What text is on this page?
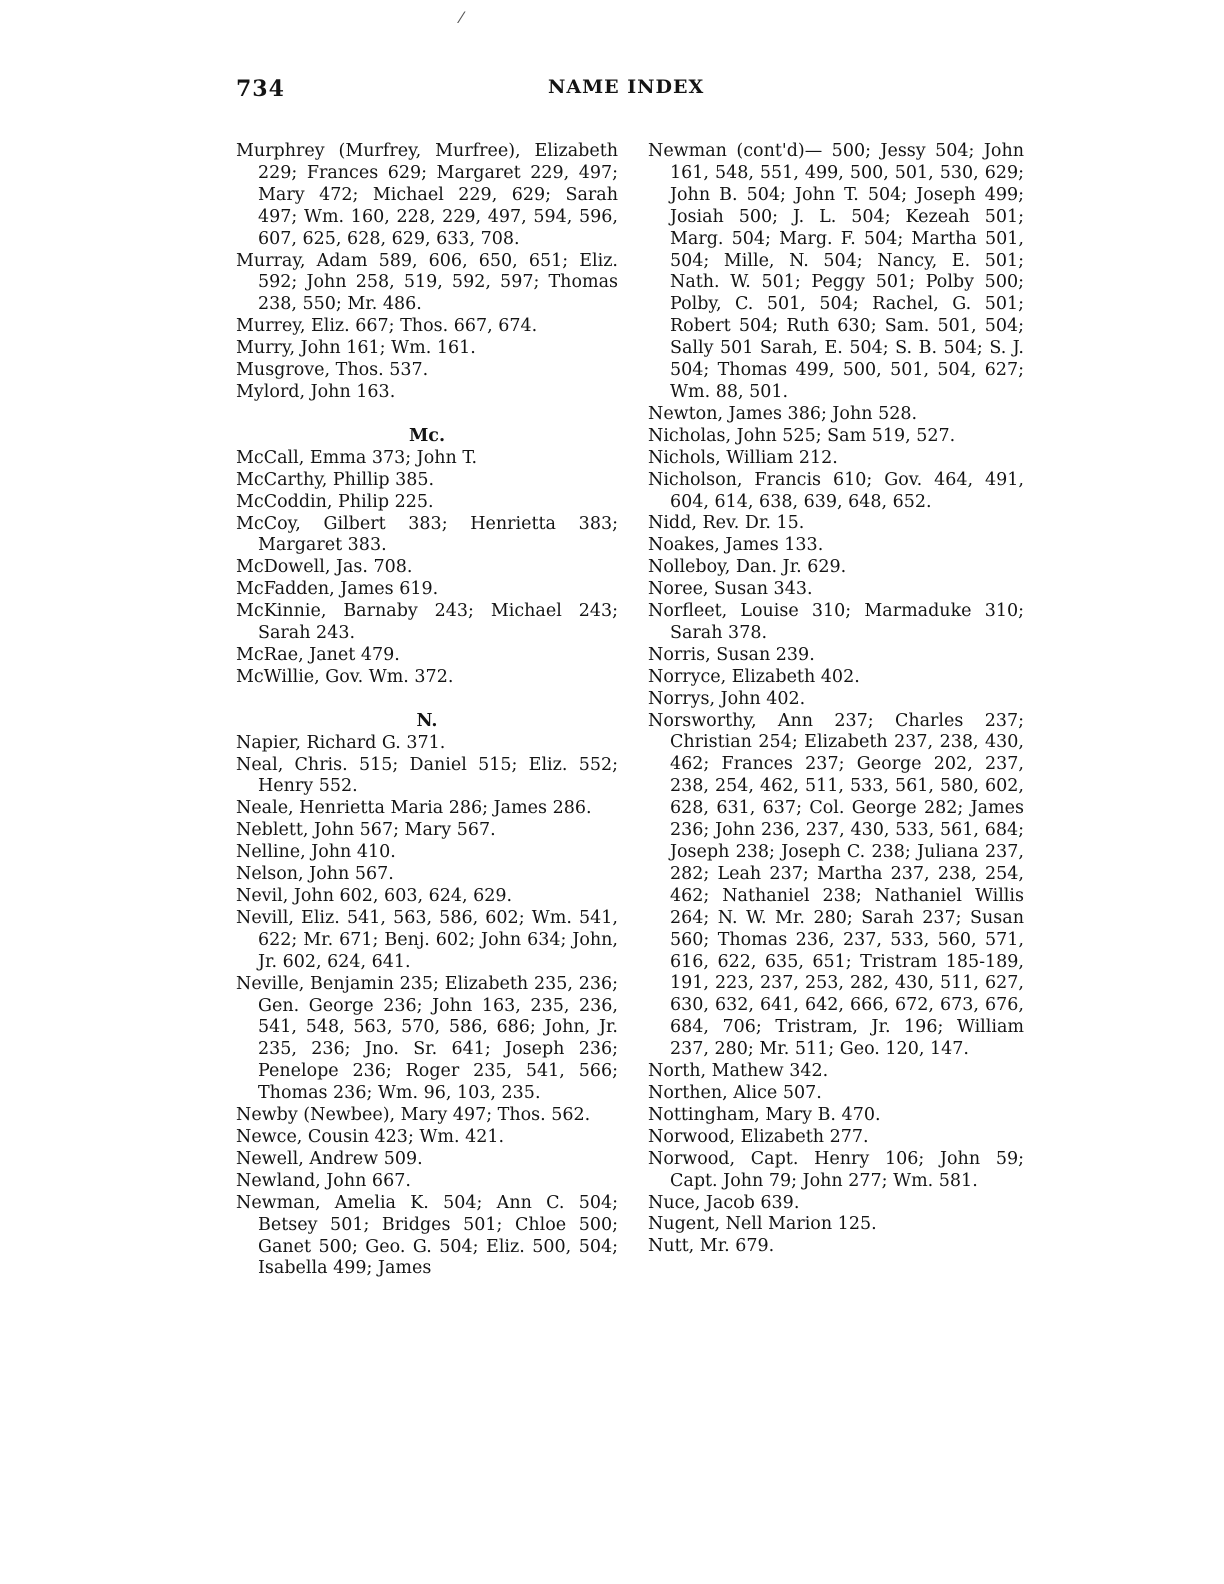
734	NAME INDEX
⁄

Murphrey (Murfrey, Murfree), Elizabeth 229; Frances 629; Margaret 229, 497; Mary 472; Michael 229, 629; Sarah 497; Wm. 160, 228, 229, 497, 594, 596, 607, 625, 628, 629, 633, 708.

Murray, Adam 589, 606, 650, 651; Eliz. 592; John 258, 519, 592, 597; Thomas 238, 550; Mr. 486.

Murrey, Eliz. 667; Thos. 667, 674.

Murry, John 161; Wm. 161.

Musgrove, Thos. 537.

Mylord, John 163.

Mc.

McCall, Emma 373; John T.

McCarthy, Phillip 385.

McCoddin, Philip 225.

McCoy, Gilbert 383; Henrietta 383; Margaret 383.

McDowell, Jas. 708.

McFadden, James 619.

McKinnie, Barnaby 243; Michael 243; Sarah 243.

McRae, Janet 479.

McWillie, Gov. Wm. 372.

N.

Napier, Richard G. 371.

Neal, Chris. 515; Daniel 515; Eliz. 552; Henry 552.

Neale, Henrietta Maria 286; James 286.

Neblett, John 567; Mary 567.

Nelline, John 410.

Nelson, John 567.

Nevil, John 602, 603, 624, 629.

Nevill, Eliz. 541, 563, 586, 602; Wm. 541, 622; Mr. 671; Benj. 602; John 634; John, Jr. 602, 624, 641.

Neville, Benjamin 235; Elizabeth 235, 236; Gen. George 236; John 163, 235, 236, 541, 548, 563, 570, 586, 686; John, Jr. 235, 236; Jno. Sr. 641; Joseph 236; Penelope 236; Roger 235, 541, 566; Thomas 236; Wm. 96, 103, 235.

Newby (Newbee), Mary 497; Thos. 562.

Newce, Cousin 423; Wm. 421.

Newell, Andrew 509.

Newland, John 667.

Newman, Amelia K. 504; Ann C. 504; Betsey 501; Bridges 501; Chloe 500; Ganet 500; Geo. G. 504; Eliz. 500, 504; Isabella 499; James

Newman (cont'd)— 500; Jessy 504; John 161, 548, 551, 499, 500, 501, 530, 629; John B. 504; John T. 504; Joseph 499; Josiah 500; J. L. 504; Kezeah 501; Marg. 504; Marg. F. 504; Martha 501, 504; Mille, N. 504; Nancy, E. 501; Nath. W. 501; Peggy 501; Polby 500; Polby, C. 501, 504; Rachel, G. 501; Robert 504; Ruth 630; Sam. 501, 504; Sally 501 Sarah, E. 504; S. B. 504; S. J. 504; Thomas 499, 500, 501, 504, 627; Wm. 88, 501.

Newton, James 386; John 528.

Nicholas, John 525; Sam 519, 527.

Nichols, William 212.

Nicholson, Francis 610; Gov. 464, 491, 604, 614, 638, 639, 648, 652.

Nidd, Rev. Dr. 15.

Noakes, James 133.

Nolleboy, Dan. Jr. 629.

Noree, Susan 343.

Norfleet, Louise 310; Marmaduke 310; Sarah 378.

Norris, Susan 239.

Norryce, Elizabeth 402.

Norrys, John 402.

Norsworthy, Ann 237; Charles 237; Christian 254; Elizabeth 237, 238, 430, 462; Frances 237; George 202, 237, 238, 254, 462, 511, 533, 561, 580, 602, 628, 631, 637; Col. George 282; James 236; John 236, 237, 430, 533, 561, 684; Joseph 238; Joseph C. 238; Juliana 237, 282; Leah 237; Martha 237, 238, 254, 462; Nathaniel 238; Nathaniel Willis 264; N. W. Mr. 280; Sarah 237; Susan 560; Thomas 236, 237, 533, 560, 571, 616, 622, 635, 651; Tristram 185-189, 191, 223, 237, 253, 282, 430, 511, 627, 630, 632, 641, 642, 666, 672, 673, 676, 684, 706; Tristram, Jr. 196; William 237, 280; Mr. 511; Geo. 120, 147.

North, Mathew 342.

Northen, Alice 507.

Nottingham, Mary B. 470.

Norwood, Elizabeth 277.

Norwood, Capt. Henry 106; John 59; Capt. John 79; John 277; Wm. 581.

Nuce, Jacob 639.

Nugent, Nell Marion 125.

Nutt, Mr. 679.
